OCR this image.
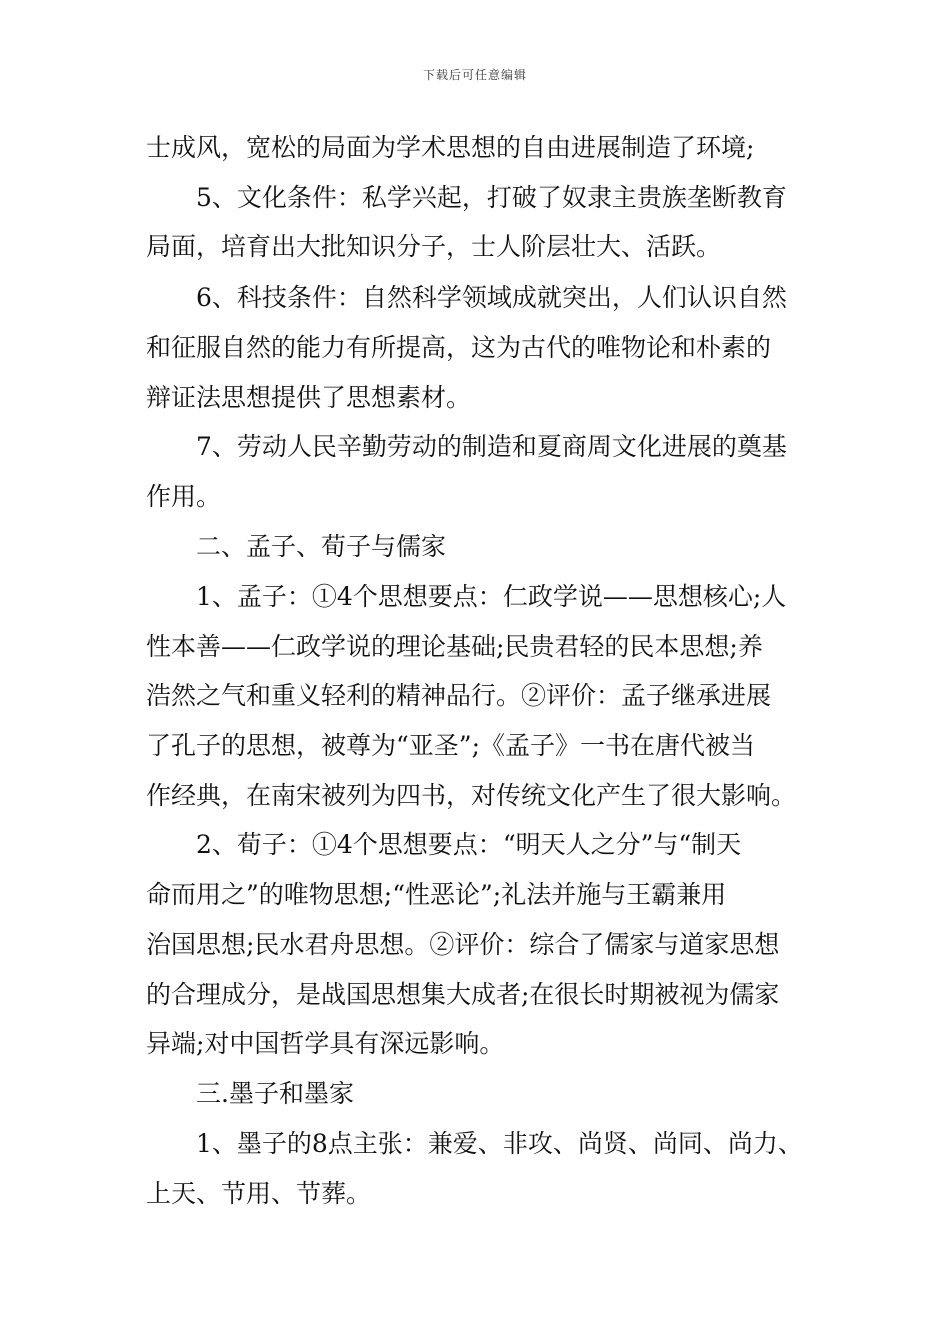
下载后可任意编辑
士成风，宽松的局面为学术思想的自由进展制造了环境;
5、文化条件：私学兴起，打破了奴隶主贵族垄断教育
局面，培育出大批知识分子，士人阶层壮大、活跃。
6、科技条件：自然科学领域成就突出，人们认识自然
和征服自然的能力有所提高，这为古代的唯物论和朴素的
辩证法思想提供了思想素材。
7、劳动人民辛勤劳动的制造和夏商周文化进展的奠基
作用。
二、孟子、荀子与儒家
1、孟子：①4个思想要点：仁政学说——思想核心;人
性本善——仁政学说的理论基础;民贵君轻的民本思想;养
浩然之气和重义轻利的精神品行。②评价：孟子继承进展
了孔子的思想，被尊为“亚圣”;《孟子》一书在唐代被当
作经典，在南宋被列为四书，对传统文化产生了很大影响。
2、荀子：①4个思想要点：“明天人之分”与“制天
命而用之”的唯物思想;“性恶论”;礼法并施与王霸兼用
治国思想;民水君舟思想。②评价：综合了儒家与道家思想
的合理成分，是战国思想集大成者;在很长时期被视为儒家
异端;对中国哲学具有深远影响。
三.墨子和墨家
1、墨子的8点主张：兼爱、非攻、尚贤、尚同、尚力、
上天、节用、节葬。
